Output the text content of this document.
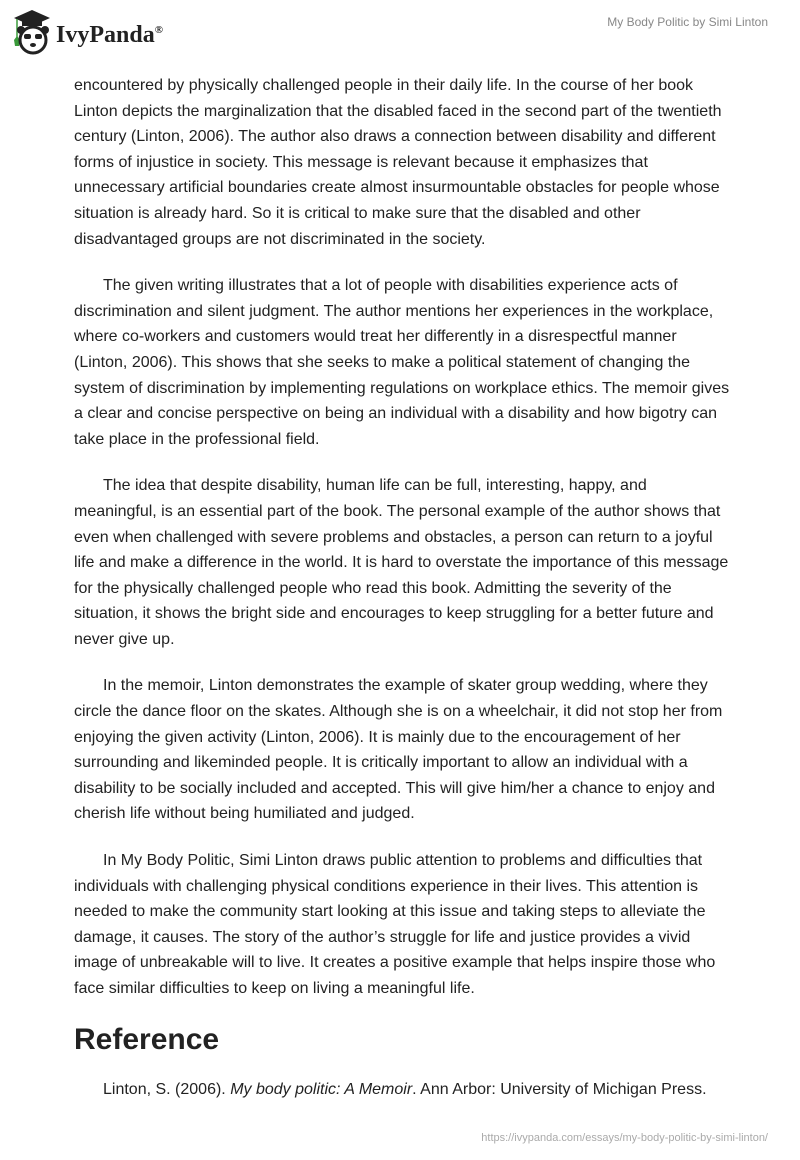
IvyPanda®
My Body Politic by Simi Linton

encountered by physically challenged people in their daily life. In the course of her book Linton depicts the marginalization that the disabled faced in the second part of the twentieth century (Linton, 2006). The author also draws a connection between disability and different forms of injustice in society. This message is relevant because it emphasizes that unnecessary artificial boundaries create almost insurmountable obstacles for people whose situation is already hard. So it is critical to make sure that the disabled and other disadvantaged groups are not discriminated in the society.

The given writing illustrates that a lot of people with disabilities experience acts of discrimination and silent judgment. The author mentions her experiences in the workplace, where co-workers and customers would treat her differently in a disrespectful manner (Linton, 2006). This shows that she seeks to make a political statement of changing the system of discrimination by implementing regulations on workplace ethics. The memoir gives a clear and concise perspective on being an individual with a disability and how bigotry can take place in the professional field.

The idea that despite disability, human life can be full, interesting, happy, and meaningful, is an essential part of the book. The personal example of the author shows that even when challenged with severe problems and obstacles, a person can return to a joyful life and make a difference in the world. It is hard to overstate the importance of this message for the physically challenged people who read this book. Admitting the severity of the situation, it shows the bright side and encourages to keep struggling for a better future and never give up.

In the memoir, Linton demonstrates the example of skater group wedding, where they circle the dance floor on the skates. Although she is on a wheelchair, it did not stop her from enjoying the given activity (Linton, 2006). It is mainly due to the encouragement of her surrounding and likeminded people. It is critically important to allow an individual with a disability to be socially included and accepted. This will give him/her a chance to enjoy and cherish life without being humiliated and judged.

In My Body Politic, Simi Linton draws public attention to problems and difficulties that individuals with challenging physical conditions experience in their lives. This attention is needed to make the community start looking at this issue and taking steps to alleviate the damage, it causes. The story of the author’s struggle for life and justice provides a vivid image of unbreakable will to live. It creates a positive example that helps inspire those who face similar difficulties to keep on living a meaningful life.

Reference

Linton, S. (2006). My body politic: A Memoir. Ann Arbor: University of Michigan Press.

https://ivypanda.com/essays/my-body-politic-by-simi-linton/
